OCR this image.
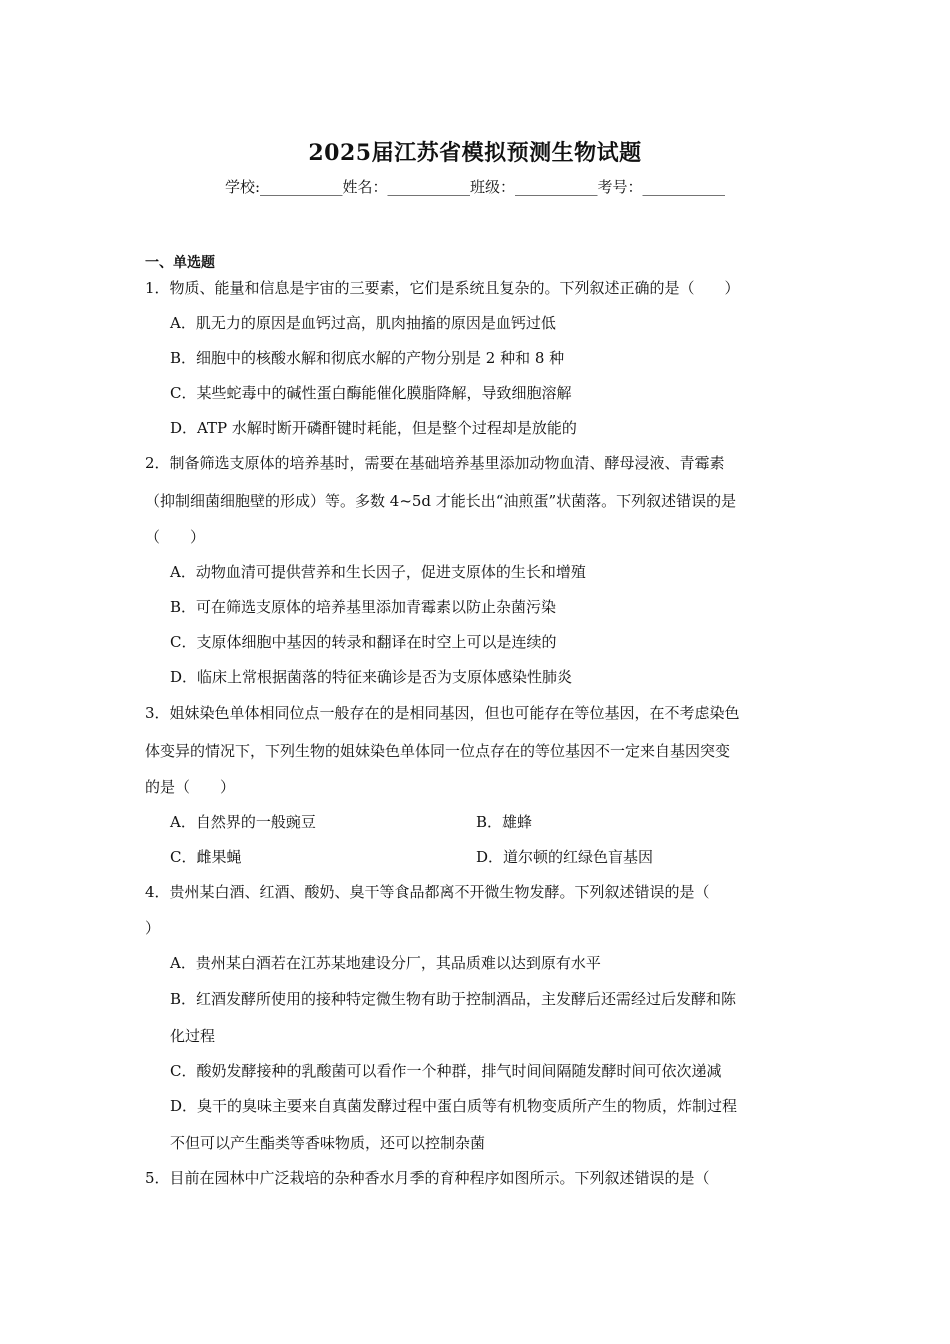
2025届江苏省模拟预测生物试题
学校:___________姓名：___________班级：___________考号：___________
一、单选题
1．物质、能量和信息是宇宙的三要素，它们是系统且复杂的。下列叙述正确的是（　　）
A．肌无力的原因是血钙过高，肌肉抽搐的原因是血钙过低
B．细胞中的核酸水解和彻底水解的产物分别是 2 种和 8 种
C．某些蛇毒中的碱性蛋白酶能催化膜脂降解，导致细胞溶解
D．ATP 水解时断开磷酐键时耗能，但是整个过程却是放能的
2．制备筛选支原体的培养基时，需要在基础培养基里添加动物血清、酵母浸液、青霉素
（抑制细菌细胞壁的形成）等。多数 4~5d 才能长出“油煎蛋”状菌落。下列叙述错误的是
（　　）
A．动物血清可提供营养和生长因子，促进支原体的生长和增殖
B．可在筛选支原体的培养基里添加青霉素以防止杂菌污染
C．支原体细胞中基因的转录和翻译在时空上可以是连续的
D．临床上常根据菌落的特征来确诊是否为支原体感染性肺炎
3．姐妹染色单体相同位点一般存在的是相同基因，但也可能存在等位基因，在不考虑染色
体变异的情况下，下列生物的姐妹染色单体同一位点存在的等位基因不一定来自基因突变
的是（　　）
A．自然界的一般豌豆	B．雄蜂
C．雌果蝇	D．道尔顿的红绿色盲基因
4．贵州某白酒、红酒、酸奶、臭干等食品都离不开微生物发酵。下列叙述错误的是（
）
A．贵州某白酒若在江苏某地建设分厂，其品质难以达到原有水平
B．红酒发酵所使用的接种特定微生物有助于控制酒品，主发酵后还需经过后发酵和陈
化过程
C．酸奶发酵接种的乳酸菌可以看作一个种群，排气时间间隔随发酵时间可依次递减
D．臭干的臭味主要来自真菌发酵过程中蛋白质等有机物变质所产生的物质，炸制过程
不但可以产生酯类等香味物质，还可以控制杂菌
5．目前在园林中广泛栽培的杂种香水月季的育种程序如图所示。下列叙述错误的是（
